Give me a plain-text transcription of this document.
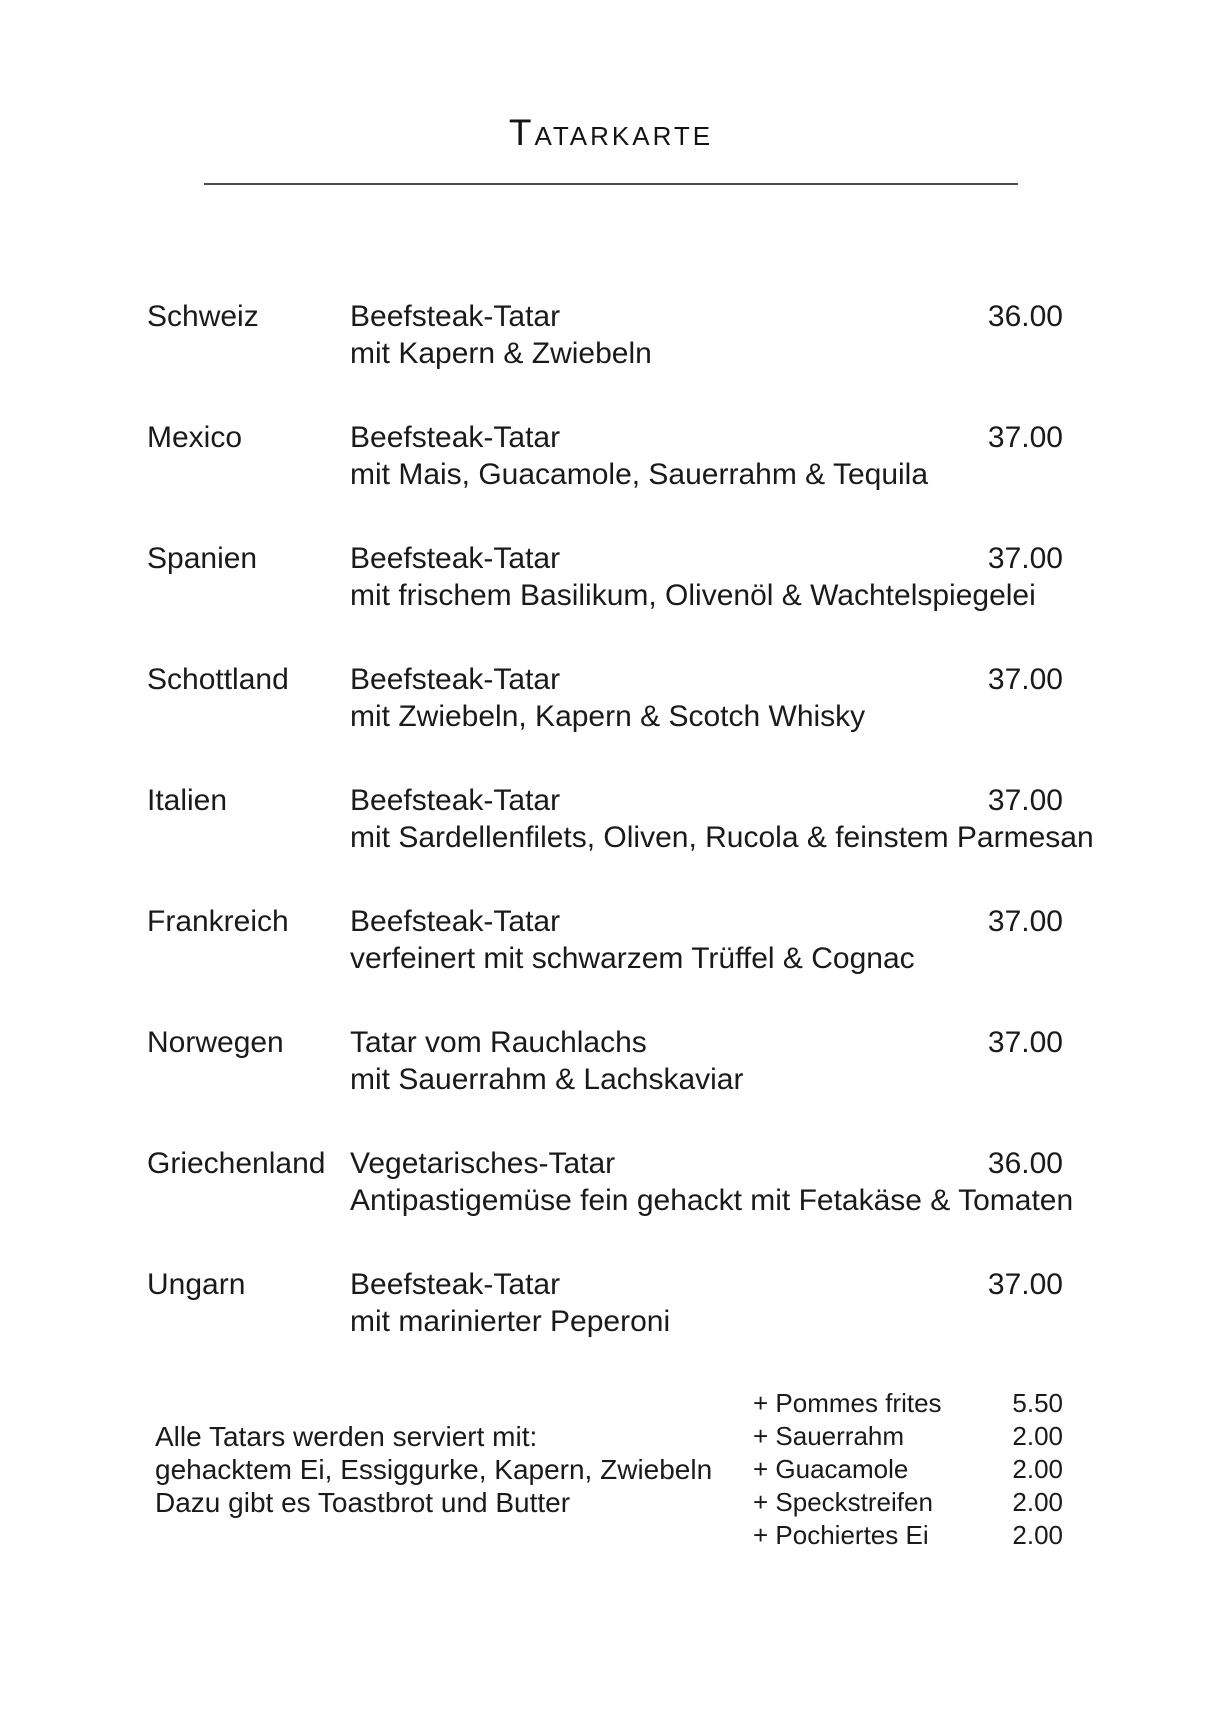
Tatarkarte
Schweiz	Beefsteak-Tatar	36.00
mit Kapern & Zwiebeln
Mexico	Beefsteak-Tatar	37.00
mit Mais, Guacamole, Sauerrahm & Tequila
Spanien	Beefsteak-Tatar	37.00
mit frischem Basilikum, Olivenöl & Wachtelspiegelei
Schottland	Beefsteak-Tatar	37.00
mit Zwiebeln, Kapern & Scotch Whisky
Italien	Beefsteak-Tatar	37.00
mit Sardellenfilets, Oliven, Rucola & feinstem Parmesan
Frankreich	Beefsteak-Tatar	37.00
verfeinert mit schwarzem Trüffel & Cognac
Norwegen	Tatar vom Rauchlachs	37.00
mit Sauerrahm & Lachskaviar
Griechenland Vegetarisches-Tatar	36.00
Antipastigemüse fein gehackt mit Fetakäse & Tomaten
Ungarn	Beefsteak-Tatar	37.00
mit marinierter Peperoni
Alle Tatars werden serviert mit:
gehacktem Ei, Essiggurke, Kapern, Zwiebeln
Dazu gibt es Toastbrot und Butter
+ Pommes frites	5.50
+ Sauerrahm	2.00
+ Guacamole	2.00
+ Speckstreifen	2.00
+ Pochiertes Ei	2.00
